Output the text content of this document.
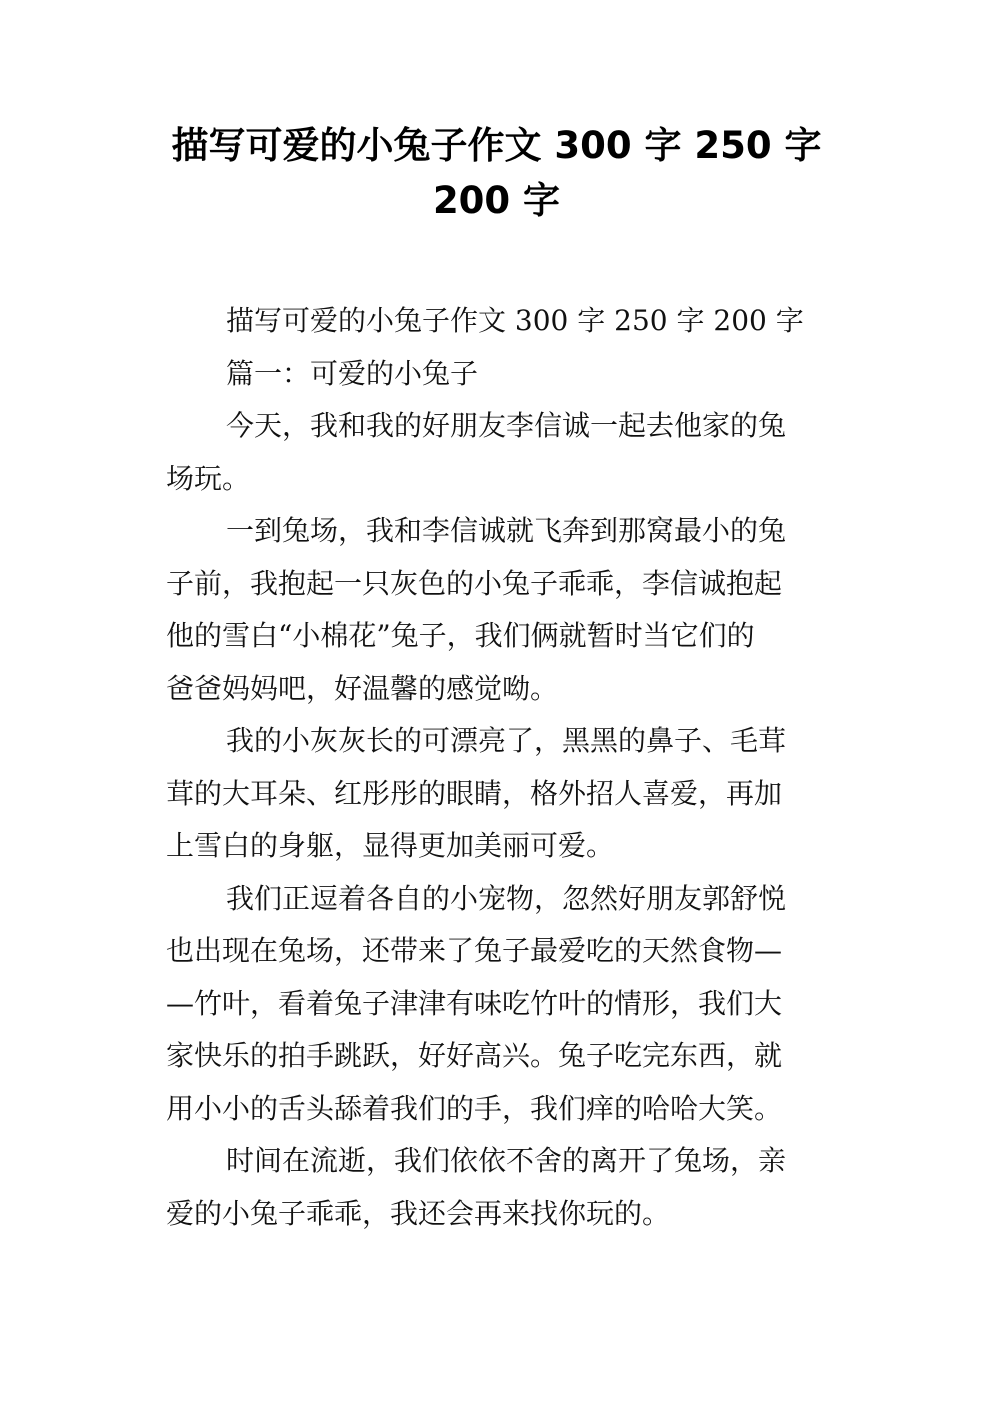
描写可爱的小兔子作文 300 字 250 字
200 字

描写可爱的小兔子作文 300 字 250 字 200 字

篇一：可爱的小兔子

今天，我和我的好朋友李信诚一起去他家的兔
场玩。

一到兔场，我和李信诚就飞奔到那窝最小的兔
子前，我抱起一只灰色的小兔子乖乖，李信诚抱起
他的雪白“小棉花”兔子，我们俩就暂时当它们的
爸爸妈妈吧，好温馨的感觉呦。

我的小灰灰长的可漂亮了，黑黑的鼻子、毛茸
茸的大耳朵、红彤彤的眼睛，格外招人喜爱，再加
上雪白的身躯，显得更加美丽可爱。

我们正逗着各自的小宠物，忽然好朋友郭舒悦
也出现在兔场，还带来了兔子最爱吃的天然食物—
—竹叶，看着兔子津津有味吃竹叶的情形，我们大
家快乐的拍手跳跃，好好高兴。兔子吃完东西，就
用小小的舌头舔着我们的手，我们痒的哈哈大笑。

时间在流逝，我们依依不舍的离开了兔场，亲
爱的小兔子乖乖，我还会再来找你玩的。
